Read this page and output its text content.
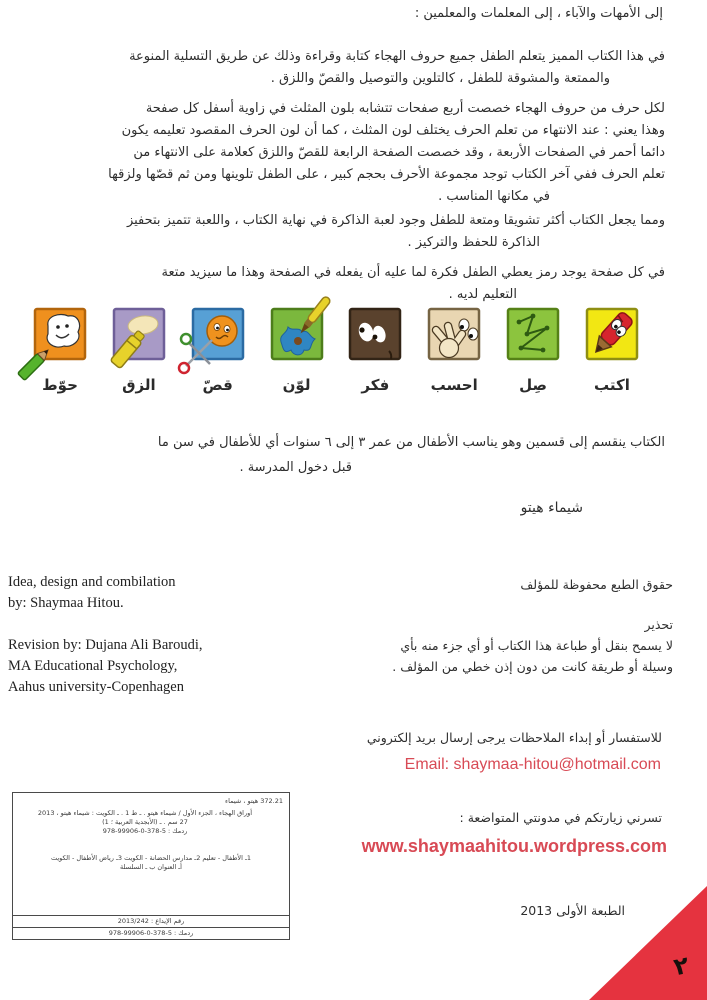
إلى الأمهات والآباء ، إلى المعلمات والمعلمين :

في هذا الكتاب المميز يتعلم الطفل جميع حروف الهجاء كتابة وقراءة وذلك عن طريق التسلية المنوعة
والممتعة والمشوقة للطفل ، كالتلوين والتوصيل والقصّ واللزق .

لكل حرف من حروف الهجاء خصصت أربع صفحات تتشابه بلون المثلث في زاوية أسفل كل صفحة
وهذا يعني : عند الانتهاء من تعلم الحرف يختلف لون المثلث ، كما أن لون الحرف المقصود تعليمه يكون
دائما أحمر في الصفحات الأربعة ، وقد خصصت الصفحة الرابعة للقصّ واللزق كعلامة على الانتهاء من
تعلم الحرف ففي آخر الكتاب توجد مجموعة الأحرف بحجم كبير ، على الطفل تلوينها ومن ثم قصّها ولزقها
في مكانها المناسب .

ومما يجعل الكتاب أكثر تشويقا ومتعة للطفل وجود لعبة الذاكرة في نهاية الكتاب ، واللعبة تتميز بتحفيز
الذاكرة للحفظ والتركيز .

في كل صفحة يوجد رمز يعطي الطفل فكرة لما عليه أن يفعله في الصفحة وهذا ما سيزيد متعة
التعليم لديه .

اكتب
صِل
احسب
فكر
لوّن
قصّ
الزق
حوّط
الكتاب ينقسم إلى قسمين وهو يناسب الأطفال من عمر ٣ إلى ٦ سنوات أي للأطفال في سن ما
قبل دخول المدرسة .
شيماء هيتو
Idea, design and combilation
by: Shaymaa Hitou.
Revision by: Dujana Ali Baroudi,
MA Educational Psychology,
Aahus university-Copenhagen
حقوق الطبع محفوظة للمؤلف
تحذير
لا يسمح بنقل أو طباعة هذا الكتاب أو أي جزء منه بأي
وسيلة أو طريقة كانت من دون إذن خطي من المؤلف .
للاستفسار أو إبداء الملاحظات يرجى إرسال بريد إلكتروني
Email: shaymaa-hitou@hotmail.com
تسرني زيارتكم في مدونتي المتواضعة :
www.shaymaahitou.wordpress.com
372.21 هيتو ، شيماء
أوراق الهجاء ، الجزء الأول / شيماء هيتو . ـ ط 1 . ـ الكويت : شيماء هيتو ، 2013
27 سم . ـ (الأبجدية العربية ؛ 1)
ردمك : 5-378-0-99906-978
1ـ الأطفال - تعليم 2ـ مدارس الحضانة - الكويت 3ـ رياض الأطفال - الكويت
أـ العنوان ب ـ السلسلة
رقم الإيداع : 2013/242
ردمك : 5-378-0-99906-978
الطبعة الأولى 2013
٢
